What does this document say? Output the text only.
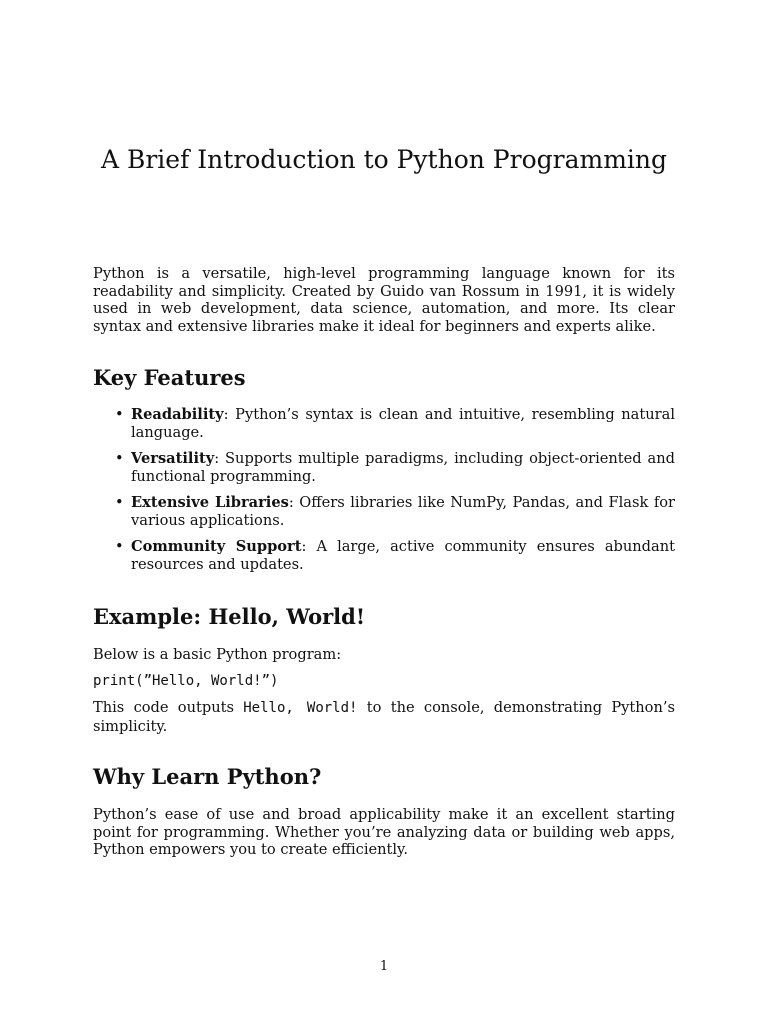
A Brief Introduction to Python Programming

Python is a versatile, high-level programming language known for its readability and simplicity. Created by Guido van Rossum in 1991, it is widely used in web development, data science, automation, and more. Its clear syntax and extensive libraries make it ideal for beginners and experts alike.

Key Features
• Readability: Python’s syntax is clean and intuitive, resembling natural language.
• Versatility: Supports multiple paradigms, including object-oriented and functional programming.
• Extensive Libraries: Offers libraries like NumPy, Pandas, and Flask for various applications.
• Community Support: A large, active community ensures abundant resources and updates.
Example: Hello, World!

Below is a basic Python program:

print(”Hello, World!”)

This code outputs Hello, World! to the console, demonstrating Python’s simplicity.

Why Learn Python?

Python’s ease of use and broad applicability make it an excellent starting point for programming. Whether you’re analyzing data or building web apps, Python empowers you to create efficiently.

1
